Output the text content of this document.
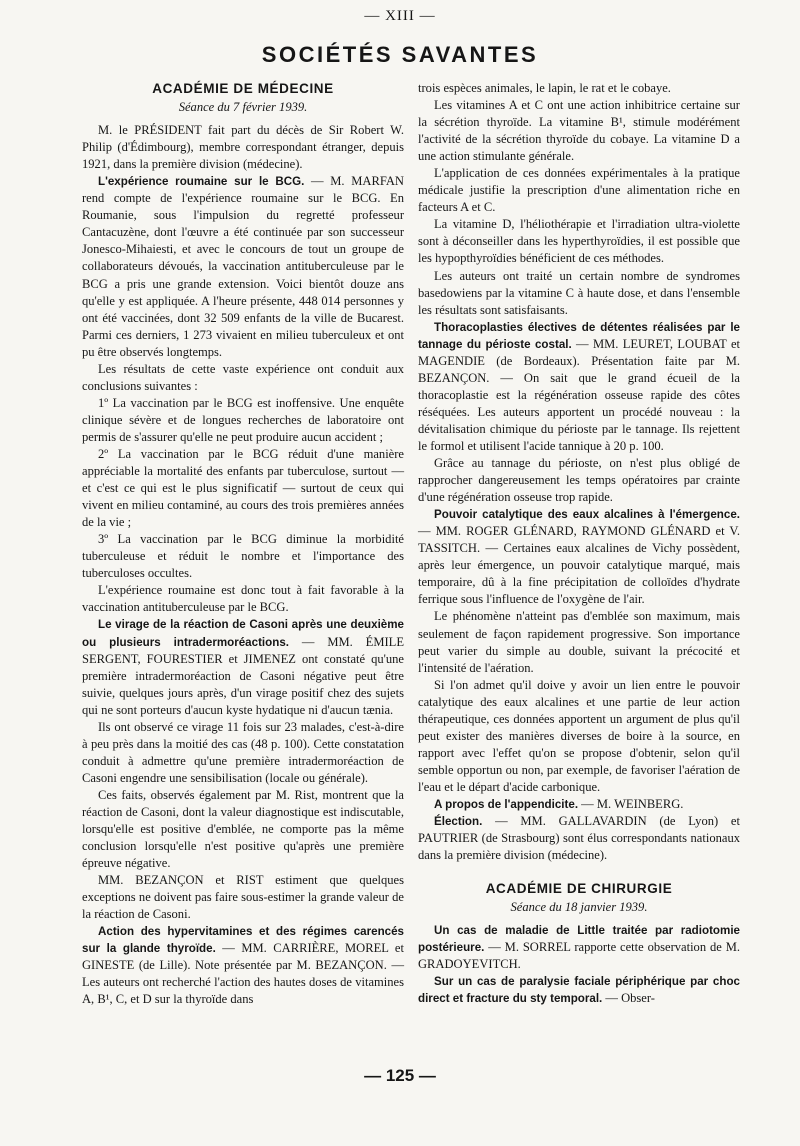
— XIII —
SOCIÉTÉS SAVANTES

ACADÉMIE DE MÉDECINE

Séance du 7 février 1939.

M. le PRÉSIDENT fait part du décès de Sir Robert W. Philip (d'Édimbourg), membre correspondant étranger, depuis 1921, dans la première division (médecine).

L'expérience roumaine sur le BCG. — M. MARFAN rend compte de l'expérience roumaine sur le BCG. En Roumanie, sous l'impulsion du regretté professeur Cantacuzène, dont l'œuvre a été continuée par son successeur Jonesco-Mihaiesti, et avec le concours de tout un groupe de collaborateurs dévoués, la vaccination antituberculeuse par le BCG a pris une grande extension. Voici bientôt douze ans qu'elle y est appliquée. A l'heure présente, 448 014 personnes y ont été vaccinées, dont 32 509 enfants de la ville de Bucarest. Parmi ces derniers, 1 273 vivaient en milieu tuberculeux et ont pu être observés longtemps.

Les résultats de cette vaste expérience ont conduit aux conclusions suivantes :

1º La vaccination par le BCG est inoffensive. Une enquête clinique sévère et de longues recherches de laboratoire ont permis de s'assurer qu'elle ne peut produire aucun accident ;

2º La vaccination par le BCG réduit d'une manière appréciable la mortalité des enfants par tuberculose, surtout — et c'est ce qui est le plus significatif — surtout de ceux qui vivent en milieu contaminé, au cours des trois premières années de la vie ;

3º La vaccination par le BCG diminue la morbidité tuberculeuse et réduit le nombre et l'importance des tuberculoses occultes.

L'expérience roumaine est donc tout à fait favorable à la vaccination antituberculeuse par le BCG.

Le virage de la réaction de Casoni après une deuxième ou plusieurs intradermoréactions. — MM. ÉMILE SERGENT, FOURESTIER et JIMENEZ ont constaté qu'une première intradermoréaction de Casoni négative peut être suivie, quelques jours après, d'un virage positif chez des sujets qui ne sont porteurs d'aucun kyste hydatique ni d'aucun tænia.

Ils ont observé ce virage 11 fois sur 23 malades, c'est-à-dire à peu près dans la moitié des cas (48 p. 100). Cette constatation conduit à admettre qu'une première intradermoréaction de Casoni engendre une sensibilisation (locale ou générale).

Ces faits, observés également par M. Rist, montrent que la réaction de Casoni, dont la valeur diagnostique est indiscutable, lorsqu'elle est positive d'emblée, ne comporte pas la même conclusion lorsqu'elle n'est positive qu'après une première épreuve négative.

MM. BEZANÇON et RIST estiment que quelques exceptions ne doivent pas faire sous-estimer la grande valeur de la réaction de Casoni.

Action des hypervitamines et des régimes carencés sur la glande thyroïde. — MM. CARRIÈRE, MOREL et GINESTE (de Lille). Note présentée par M. BEZANÇON. — Les auteurs ont recherché l'action des hautes doses de vitamines A, B¹, C, et D sur la thyroïde dans

trois espèces animales, le lapin, le rat et le cobaye.

Les vitamines A et C ont une action inhibitrice certaine sur la sécrétion thyroïde. La vitamine B¹, stimule modérément l'activité de la sécrétion thyroïde du cobaye. La vitamine D a une action stimulante générale.

L'application de ces données expérimentales à la pratique médicale justifie la prescription d'une alimentation riche en facteurs A et C.

La vitamine D, l'héliothérapie et l'irradiation ultra-violette sont à déconseiller dans les hyperthyroïdies, il est possible que les hypopthyroïdies bénéficient de ces méthodes.

Les auteurs ont traité un certain nombre de syndromes basedowiens par la vitamine C à haute dose, et dans l'ensemble les résultats sont satisfaisants.

Thoracoplasties électives de détentes réalisées par le tannage du périoste costal. — MM. LEURET, LOUBAT et MAGENDIE (de Bordeaux). Présentation faite par M. BEZANÇON. — On sait que le grand écueil de la thoracoplastie est la régénération osseuse rapide des côtes réséquées. Les auteurs apportent un procédé nouveau : la dévitalisation chimique du périoste par le tannage. Ils rejettent le formol et utilisent l'acide tannique à 20 p. 100.

Grâce au tannage du périoste, on n'est plus obligé de rapprocher dangereusement les temps opératoires par crainte d'une régénération osseuse trop rapide.

Pouvoir catalytique des eaux alcalines à l'émergence. — MM. ROGER GLÉNARD, RAYMOND GLÉNARD et V. TASSITCH. — Certaines eaux alcalines de Vichy possèdent, après leur émergence, un pouvoir catalytique marqué, mais temporaire, dû à la fine précipitation de colloïdes d'hydrate ferrique sous l'influence de l'oxygène de l'air.

Le phénomène n'atteint pas d'emblée son maximum, mais seulement de façon rapidement progressive. Son importance peut varier du simple au double, suivant la précocité et l'intensité de l'aération.

Si l'on admet qu'il doive y avoir un lien entre le pouvoir catalytique des eaux alcalines et une partie de leur action thérapeutique, ces données apportent un argument de plus qu'il peut exister des manières diverses de boire à la source, en rapport avec l'effet qu'on se propose d'obtenir, selon qu'il semble opportun ou non, par exemple, de favoriser l'aération de l'eau et le départ d'acide carbonique.

A propos de l'appendicite. — M. WEINBERG.

Élection. — MM. GALLAVARDIN (de Lyon) et PAUTRIER (de Strasbourg) sont élus correspondants nationaux dans la première division (médecine).

ACADÉMIE DE CHIRURGIE

Séance du 18 janvier 1939.

Un cas de maladie de Little traitée par radiotomie postérieure. — M. SORREL rapporte cette observation de M. GRADOYEVITCH.

Sur un cas de paralysie faciale périphérique par choc direct et fracture du sty temporal. — Obser-

— 125 —
